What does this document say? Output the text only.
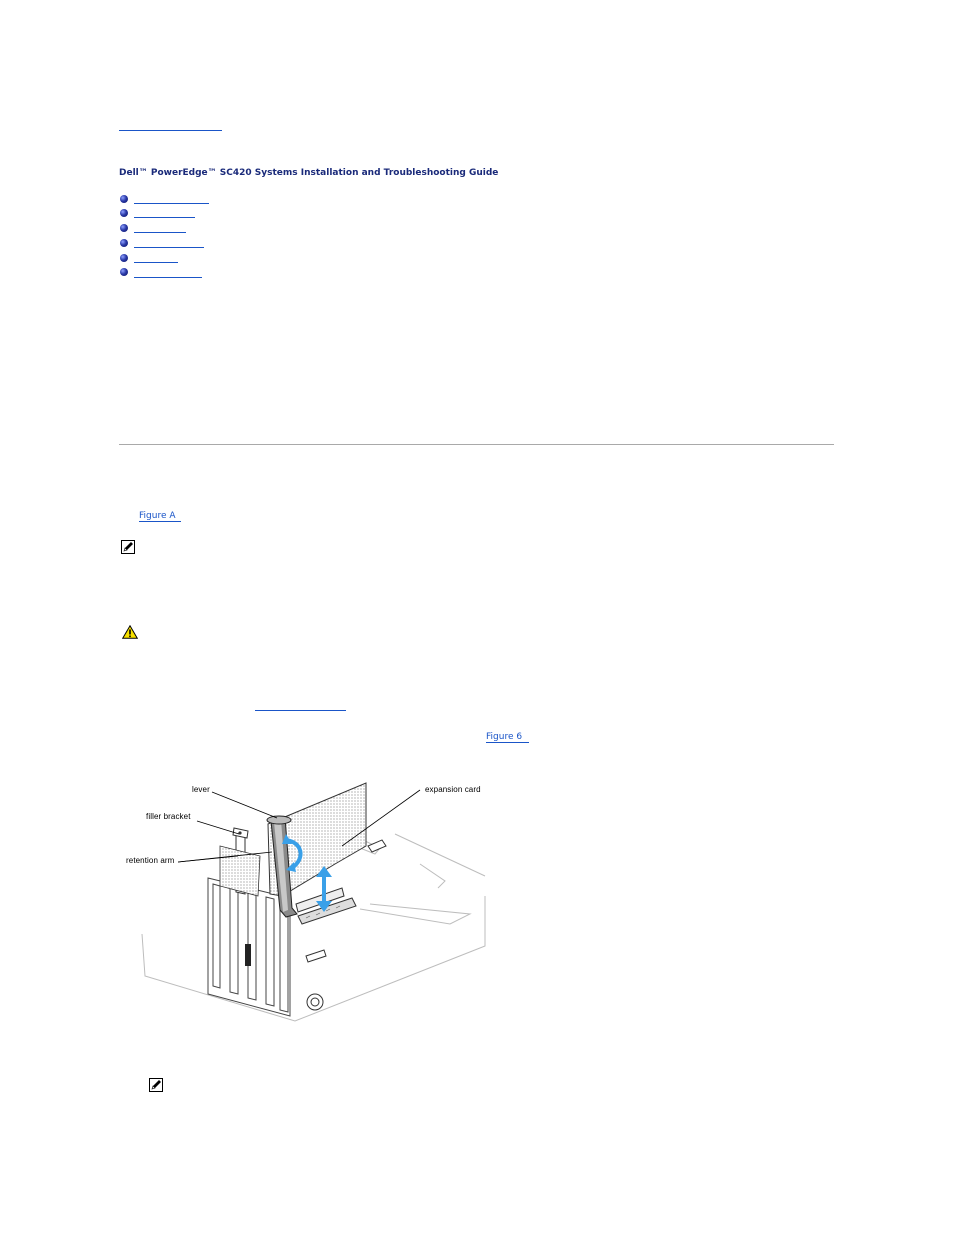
Dell™ PowerEdge™ SC420 Systems Installation and Troubleshooting Guide
Figure A
Figure 6
lever
filler bracket
retention arm
expansion card
